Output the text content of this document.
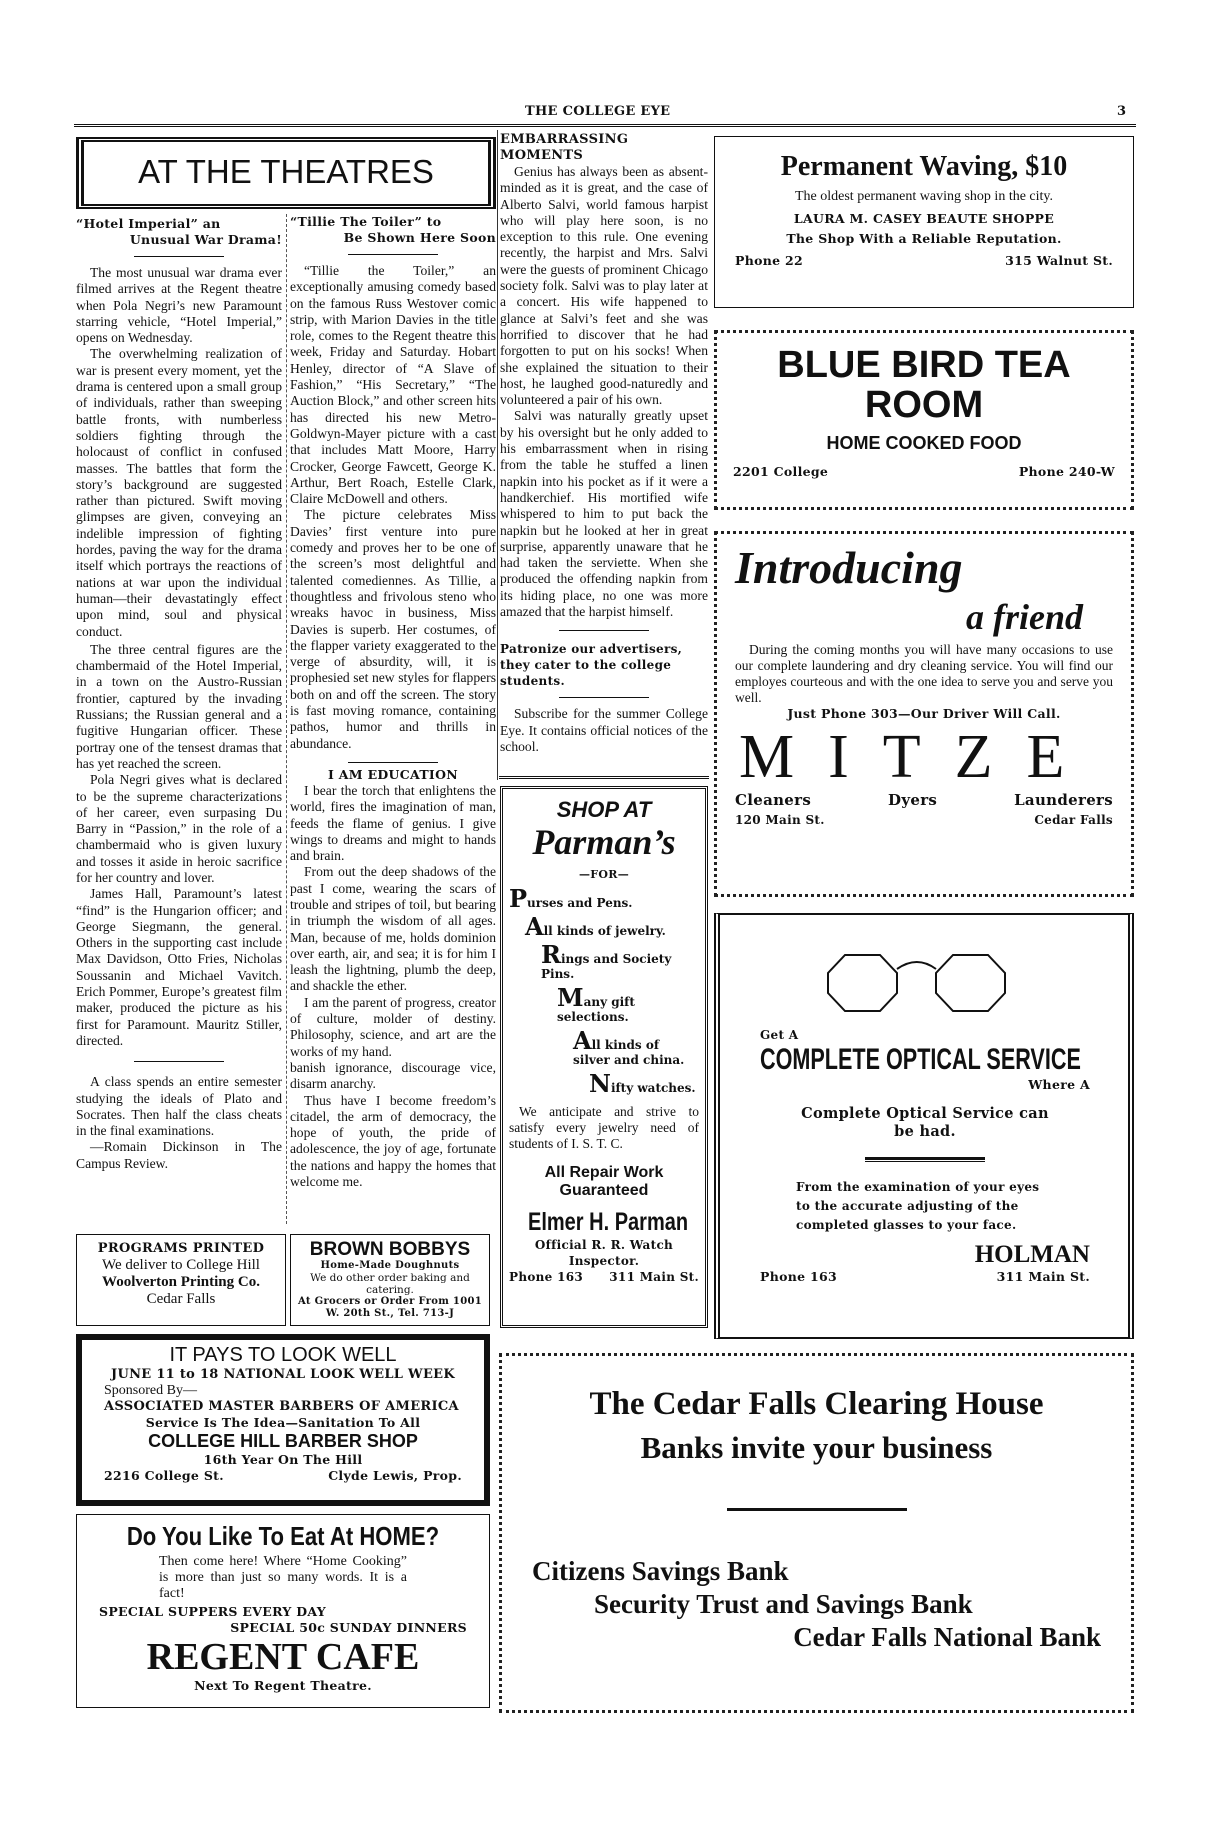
THE COLLEGE EYE	3
AT THE THEATRES
“Hotel Imperial” an
Unusual War Drama!

The most unusual war drama ever filmed arrives at the Regent theatre when Pola Negri’s new Paramount starring vehicle, “Hotel Imperial,” opens on Wednesday.

The overwhelming realization of war is present every moment, yet the drama is centered upon a small group of individuals, rather than sweeping battle fronts, with numberless soldiers fighting through the holocaust of conflict in confused masses. The battles that form the story’s background are suggested rather than pictured. Swift moving glimpses are given, conveying an indelible impression of fighting hordes, paving the way for the drama itself which portrays the reactions of nations at war upon the individual human—their devastatingly effect upon mind, soul and physical conduct.

The three central figures are the chambermaid of the Hotel Imperial, in a town on the Austro-Russian frontier, captured by the invading Russians; the Russian general and a fugitive Hungarian officer. These portray one of the tensest dramas that has yet reached the screen.

Pola Negri gives what is declared to be the supreme characterizations of her career, even surpasing Du Barry in “Passion,” in the role of a chambermaid who is given luxury and tosses it aside in heroic sacrifice for her country and lover.

James Hall, Paramount’s latest “find” is the Hungarion officer; and George Siegmann, the general. Others in the supporting cast include Max Davidson, Otto Fries, Nicholas Soussanin and Michael Vavitch. Erich Pommer, Europe’s greatest film maker, produced the picture as his first for Paramount. Mauritz Stiller, directed.

A class spends an entire semester studying the ideals of Plato and Socrates. Then half the class cheats in the final examinations.

—Romain Dickinson in The Campus Review.

“Tillie The Toiler” to
Be Shown Here Soon

“Tillie the Toiler,” an exceptionally amusing comedy based on the famous Russ Westover comic strip, with Marion Davies in the title role, comes to the Regent theatre this week, Friday and Saturday. Hobart Henley, director of “A Slave of Fashion,” “His Secretary,” “The Auction Block,” and other screen hits has directed his new Metro-Goldwyn-Mayer picture with a cast that includes Matt Moore, Harry Crocker, George Fawcett, George K. Arthur, Bert Roach, Estelle Clark, Claire McDowell and others.

The picture celebrates Miss Davies’ first venture into pure comedy and proves her to be one of the screen’s most delightful and talented comediennes. As Tillie, a thoughtless and frivolous steno who wreaks havoc in business, Miss Davies is superb. Her costumes, of the flapper variety exaggerated to the verge of absurdity, will, it is prophesied set new styles for flappers both on and off the screen. The story is fast moving romance, containing pathos, humor and thrills in abundance.

I AM EDUCATION

I bear the torch that enlightens the world, fires the imagination of man, feeds the flame of genius. I give wings to dreams and might to hands and brain.

From out the deep shadows of the past I come, wearing the scars of trouble and stripes of toil, but bearing in triumph the wisdom of all ages. Man, because of me, holds dominion over earth, air, and sea; it is for him I leash the lightning, plumb the deep, and shackle the ether.

I am the parent of progress, creator of culture, molder of destiny. Philosophy, science, and art are the works of my hand.

banish ignorance, discourage vice, disarm anarchy.

Thus have I become freedom’s citadel, the arm of democracy, the hope of youth, the pride of adolescence, the joy of age, fortunate the nations and happy the homes that welcome me.

EMBARRASSING MOMENTS

Genius has always been as absent-minded as it is great, and the case of Alberto Salvi, world famous harpist who will play here soon, is no exception to this rule. One evening recently, the harpist and Mrs. Salvi were the guests of prominent Chicago society folk. Salvi was to play later at a concert. His wife happened to glance at Salvi’s feet and she was horrified to discover that he had forgotten to put on his socks! When she explained the situation to their host, he laughed good-naturedly and volunteered a pair of his own.

Salvi was naturally greatly upset by his oversight but he only added to his embarrassment when in rising from the table he stuffed a linen napkin into his pocket as if it were a handkerchief. His mortified wife whispered to him to put back the napkin but he looked at her in great surprise, apparently unaware that he had taken the serviette. When she produced the offending napkin from its hiding place, no one was more amazed that the harpist himself.

Patronize our advertisers, they cater to the college students.

Subscribe for the summer College Eye. It contains official notices of the school.

PROGRAMS PRINTED
We deliver to College Hill
Woolverton Printing Co.
Cedar Falls
BROWN BOBBYS
Home-Made Doughnuts
We do other order baking and catering.
At Grocers or Order From 1001 W. 20th St., Tel. 713-J
IT PAYS TO LOOK WELL
JUNE 11 to 18 NATIONAL LOOK WELL WEEK
Sponsored By—
ASSOCIATED MASTER BARBERS OF AMERICA
Service Is The Idea—Sanitation To All
COLLEGE HILL BARBER SHOP
16th Year On The Hill
2216 College St.	Clyde Lewis, Prop.
Do You Like To Eat At HOME?
Then come here! Where “Home Cooking” is more than just so many words. It is a fact!
SPECIAL SUPPERS EVERY DAY
SPECIAL 50c SUNDAY DINNERS
REGENT CAFE
Next To Regent Theatre.
SHOP AT
Parman’s
—FOR—
Purses and Pens.
All kinds of jewelry.
Rings and Society Pins.
Many gift selections.
All kinds of silver and china.
Nifty watches.
We anticipate and strive to satisfy every jewelry need of students of I. S. T. C.
All Repair Work Guaranteed
Elmer H. Parman
Official R. R. Watch Inspector.
Phone 163 311 Main St.
Permanent Waving, $10
The oldest permanent waving shop in the city.
LAURA M. CASEY BEAUTE SHOPPE
The Shop With a Reliable Reputation.
Phone 22	315 Walnut St.
BLUE BIRD TEA ROOM
HOME COOKED FOOD
2201 College	Phone 240-W
Introducing
a friend
During the coming months you will have many occasions to use our complete laundering and dry cleaning service. You will find our employes courteous and with the one idea to serve you and serve you well.
Just Phone 303—Our Driver Will Call.
MITZE
Cleaners	Dyers	Launderers
120 Main St.	Cedar Falls
Get A
COMPLETE OPTICAL SERVICE
Where A
Complete Optical Service can be had.
From the examination of your eyes to the accurate adjusting of the completed glasses to your face.
HOLMAN
Phone 163	311 Main St.
The Cedar Falls Clearing House
Banks invite your business
Citizens Savings Bank
Security Trust and Savings Bank
Cedar Falls National Bank
